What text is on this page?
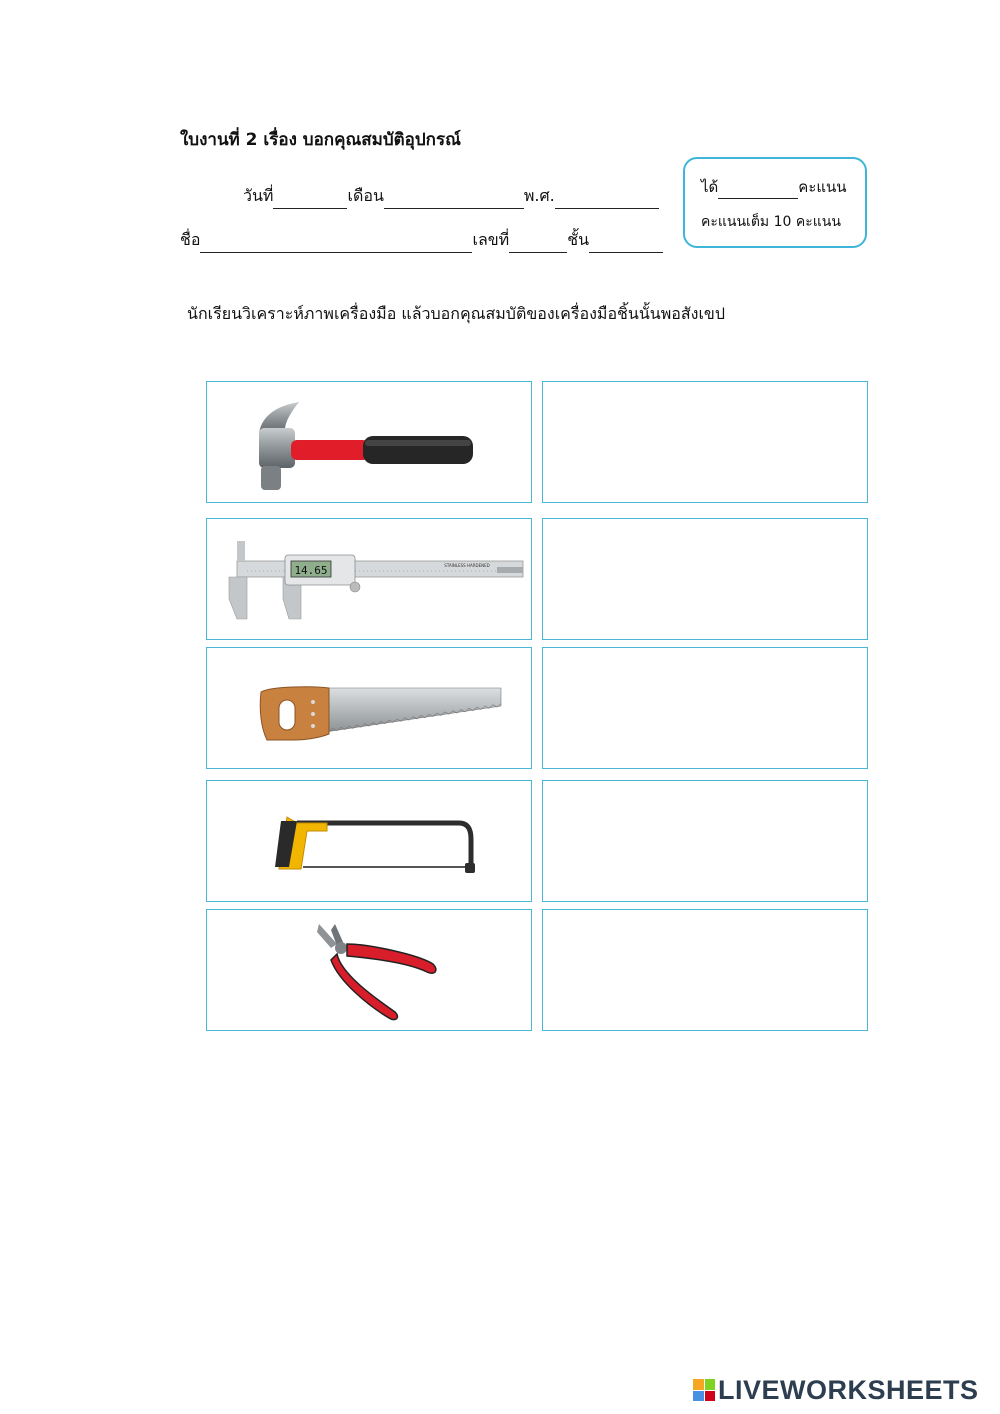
ใบงานที่ 2 เรื่อง บอกคุณสมบัติอุปกรณ์
วันที่	เดือน	พ.ศ.
ชื่อ	เลขที่	ชั้น
ได้	คะแนน
คะแนนเต็ม 10 คะแนน
นักเรียนวิเคราะห์ภาพเครื่องมือ แล้วบอกคุณสมบัติของเครื่องมือชิ้นนั้นพอสังเขป
14.65	STAINLESS HARDENED
LIVEWORKSHEETS
